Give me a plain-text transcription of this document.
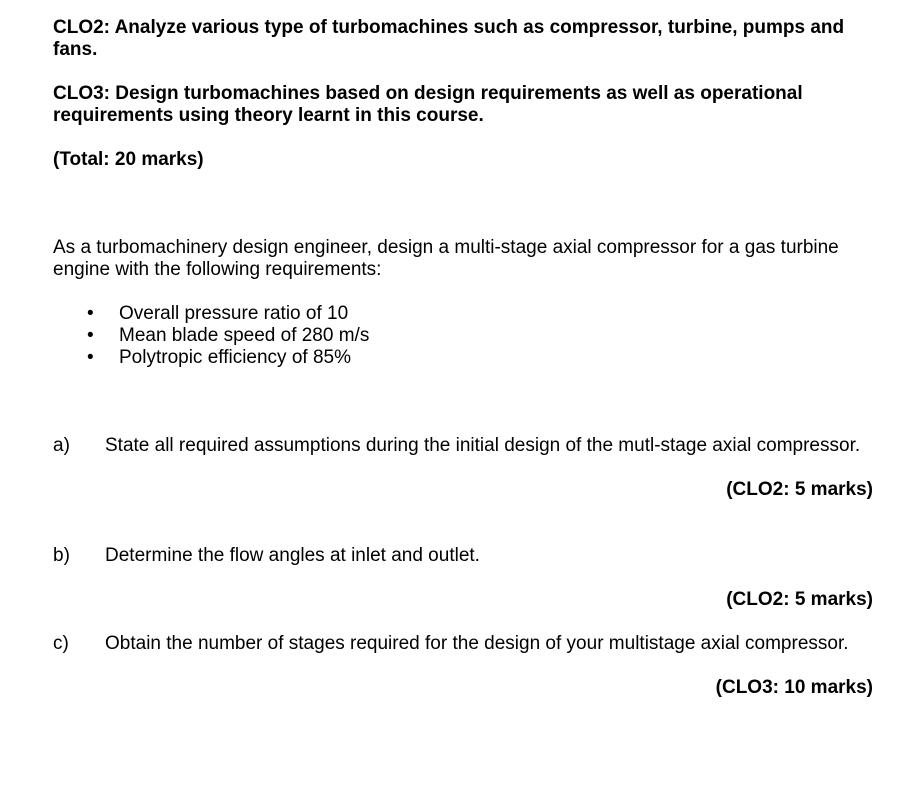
CLO2: Analyze various type of turbomachines such as compressor, turbine, pumps and fans.

CLO3: Design turbomachines based on design requirements as well as operational requirements using theory learnt in this course.

(Total: 20 marks)

As a turbomachinery design engineer, design a multi-stage axial compressor for a gas turbine engine with the following requirements:

• Overall pressure ratio of 10
• Mean blade speed of 280 m/s
• Polytropic efficiency of 85%
a) State all required assumptions during the initial design of the mutl-stage axial compressor.

(CLO2: 5 marks)

b) Determine the flow angles at inlet and outlet.

(CLO2: 5 marks)

c) Obtain the number of stages required for the design of your multistage axial compressor.

(CLO3: 10 marks)
